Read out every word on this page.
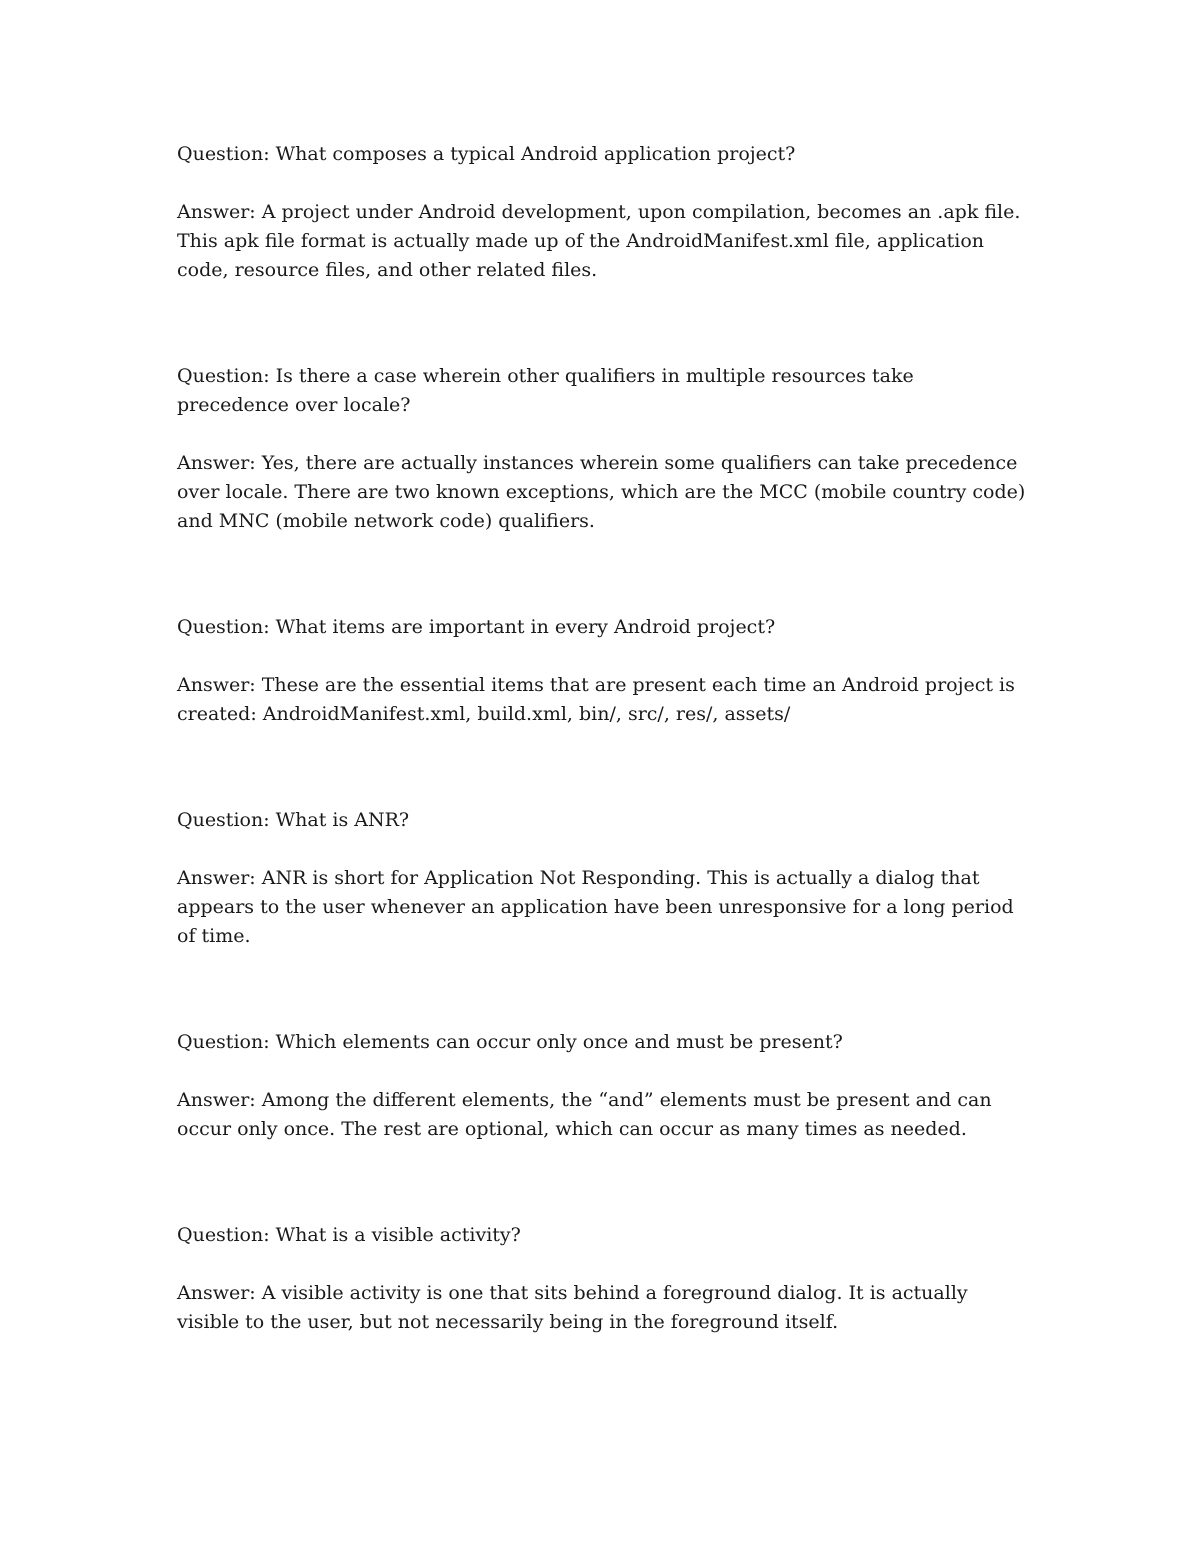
Question: What composes a typical Android application project?

Answer: A project under Android development, upon compilation, becomes an .apk file. This apk file format is actually made up of the AndroidManifest.xml file, application code, resource files, and other related files.

Question: Is there a case wherein other qualifiers in multiple resources take precedence over locale?

Answer: Yes, there are actually instances wherein some qualifiers can take precedence over locale. There are two known exceptions, which are the MCC (mobile country code) and MNC (mobile network code) qualifiers.

Question: What items are important in every Android project?

Answer: These are the essential items that are present each time an Android project is created: AndroidManifest.xml, build.xml, bin/, src/, res/, assets/

Question: What is ANR?

Answer: ANR is short for Application Not Responding. This is actually a dialog that appears to the user whenever an application have been unresponsive for a long period of time.

Question: Which elements can occur only once and must be present?

Answer: Among the different elements, the “and” elements must be present and can occur only once. The rest are optional, which can occur as many times as needed.

Question: What is a visible activity?

Answer: A visible activity is one that sits behind a foreground dialog. It is actually visible to the user, but not necessarily being in the foreground itself.
